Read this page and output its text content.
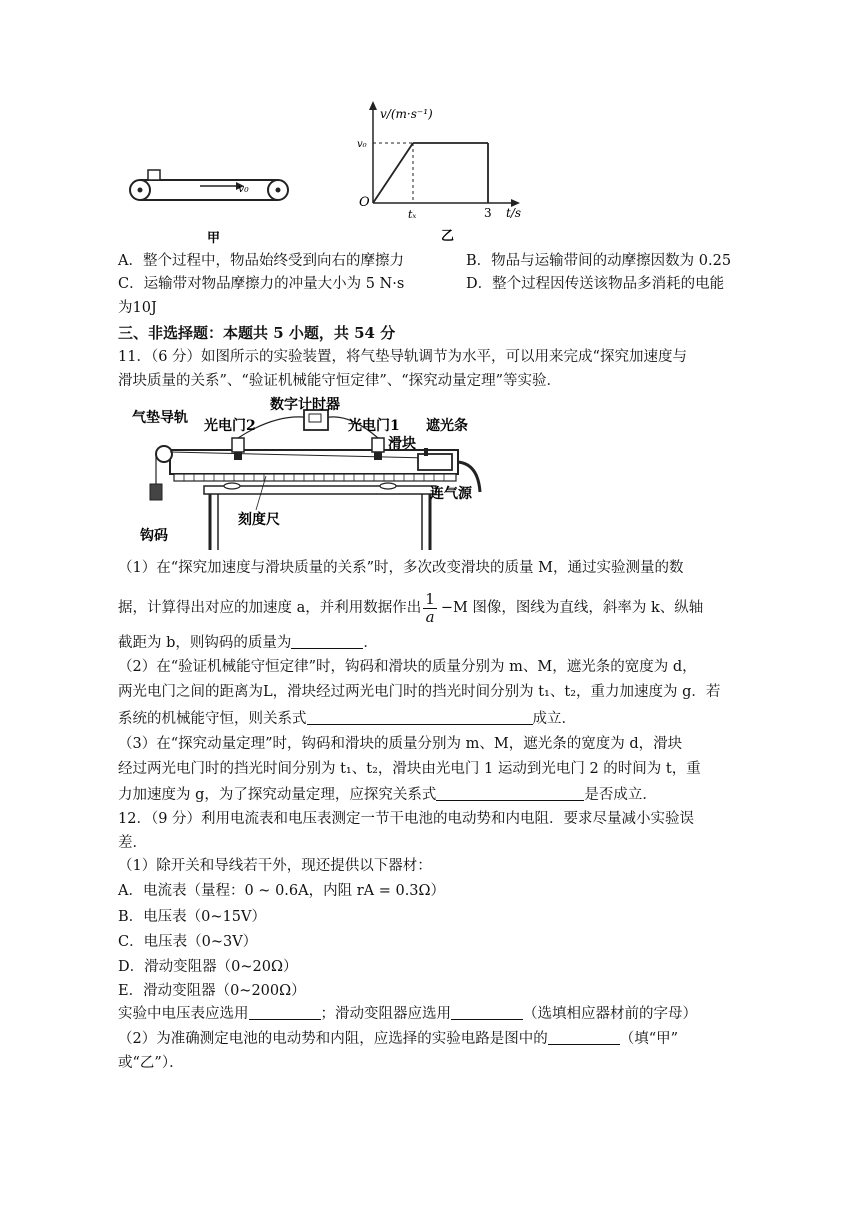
v₀
甲
v/(m·s⁻¹)
v₀
O
tₓ	3 t/s
乙
A．整个过程中，物品始终受到向右的摩擦力	B．物品与运输带间的动摩擦因数为 0.25
C．运输带对物品摩擦力的冲量大小为 5 N·s	D．整个过程因传送该物品多消耗的电能
为10J
三、非选择题：本题共 5 小题，共 54 分
11．（6 分）如图所示的实验装置，将气垫导轨调节为水平，可以用来完成“探究加速度与
滑块质量的关系”、“验证机械能守恒定律”、“探究动量定理”等实验．
气垫导轨 光电门2
数字计时器
光电门1 遮光条
滑块
连气源
钩码
刻度尺
（1）在“探究加速度与滑块质量的关系”时，多次改变滑块的质量 M，通过实验测量的数
据，计算得出对应的加速度 a，并利用数据作出 $\frac{1}{a} -M$ 图像，图线为直线，斜率为 k、纵轴
截距为 b，则钩码的质量为	．
（2）在“验证机械能守恒定律”时，钩码和滑块的质量分别为 m、M，遮光条的宽度为 d，
两光电门之间的距离为L，滑块经过两光电门时的挡光时间分别为 t₁、t₂，重力加速度为 g．若
系统的机械能守恒，则关系式	成立．
（3）在“探究动量定理”时，钩码和滑块的质量分别为 m、M，遮光条的宽度为 d，滑块
经过两光电门时的挡光时间分别为 t₁、t₂，滑块由光电门 1 运动到光电门 2 的时间为 t，重
力加速度为 g，为了探究动量定理，应探究关系式	是否成立．
12．（9 分）利用电流表和电压表测定一节干电池的电动势和内电阻．要求尽量减小实验误
差．
（1）除开关和导线若干外，现还提供以下器材：
A．电流表（量程：0 ~ 0.6A，内阻 rA = 0.3Ω）
B．电压表（0~15V）
C．电压表（0~3V）
D．滑动变阻器（0~20Ω）
E．滑动变阻器（0~200Ω）
实验中电压表应选用	；滑动变阻器应选用	（选填相应器材前的字母）
（2）为准确测定电池的电动势和内阻，应选择的实验电路是图中的	（填“甲”
或“乙”）．
